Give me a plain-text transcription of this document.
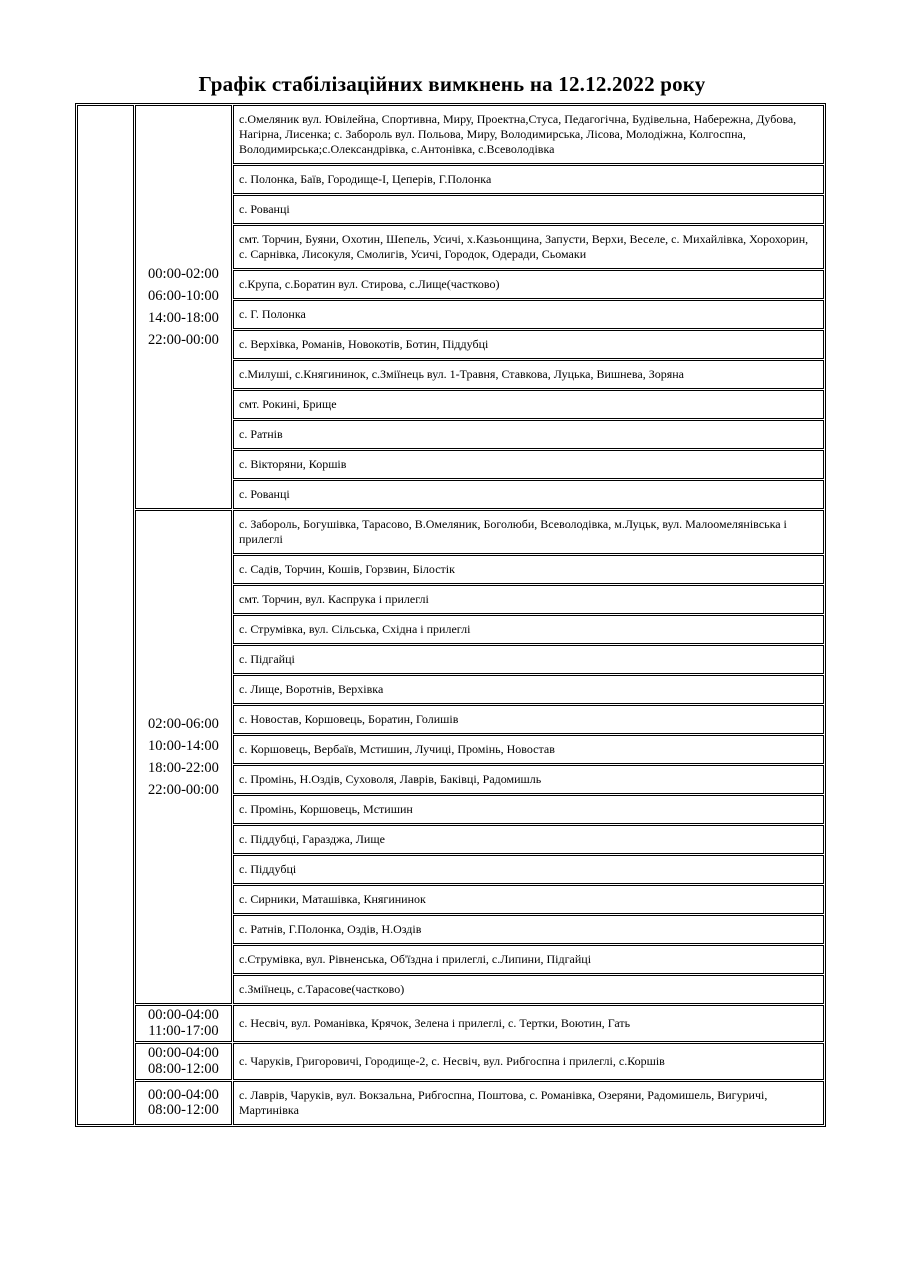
Графік стабілізаційних вимкнень на 12.12.2022 року

00:00-02:00
06:00-10:00
14:00-18:00
22:00-00:00
	с.Омеляник вул. Ювілейна, Спортивна, Миру, Проектна,Стуса, Педагогічна, Будівельна, Набережна, Дубова, Нагірна, Лисенка; с. Забороль вул. Польова, Миру, Володимирська, Лісова, Молодіжна, Колгоспна, Володимирська;с.Олександрівка, с.Антонівка, с.Всеволодівка
		с. Полонка, Баїв, Городище-І, Цеперів, Г.Полонка
		с. Рованці
		смт. Торчин, Буяни, Охотин, Шепель, Усичі, х.Казьонщина, Запусти, Верхи, Веселе, с. Михайлівка, Хорохорин, с. Сарнівка, Лисокуля, Смолигів, Усичі, Городок, Одеради, Сьомаки
		с.Крупа, с.Боратин вул. Стирова, с.Лище(частково)
		с. Г. Полонка
		с. Верхівка, Романів, Новокотів, Ботин, Піддубці
		с.Милуші, с.Княгининок, с.Зміїнець вул. 1-Травня, Ставкова, Луцька, Вишнева, Зоряна
		смт. Рокині, Брище
		с. Ратнів
		с. Вікторяни, Коршів
		с. Рованці

	02:00-06:00
10:00-14:00
18:00-22:00
22:00-00:00	с. Забороль, Богушівка, Тарасово, В.Омеляник, Боголюби, Всеволодівка, м.Луцьк, вул. Малоомелянівська і прилеглі
		с. Садів, Торчин, Кошів, Горзвин, Білостік
		смт. Торчин, вул. Каспрука і прилеглі
		с. Струмівка, вул. Сільська, Східна і прилеглі
		с. Підгайці
		с. Лище, Воротнів, Верхівка
		с. Новостав, Коршовець, Боратин, Голишів
		с. Коршовець, Вербаїв, Мстишин, Лучиці, Промінь, Новостав
		с. Промінь, Н.Оздів, Суховоля, Лаврів, Баківці, Радомишль
		с. Промінь, Коршовець, Мстишин
		с. Піддубці, Гаразджа, Лище
		с. Піддубці
		с. Сирники, Маташівка, Княгининок
		с. Ратнів, Г.Полонка, Оздів, Н.Оздів
		с.Струмівка, вул. Рівненська, Об'їздна і прилеглі, с.Липини, Підгайці
		с.Зміїнець, с.Тарасове(частково)

	00:00-04:00
11:00-17:00	с. Несвіч, вул. Романівка, Крячок, Зелена і прилеглі, с. Тертки, Воютин, Гать

	00:00-04:00
08:00-12:00	с. Чаруків, Григоровичі, Городище-2, с. Несвіч, вул. Рибгоспна і прилеглі, с.Коршів

	00:00-04:00
08:00-12:00	с. Лаврів, Чаруків, вул. Вокзальна, Рибгоспна, Поштова, с. Романівка, Озеряни, Радомишель, Вигуричі, Мартинівка
